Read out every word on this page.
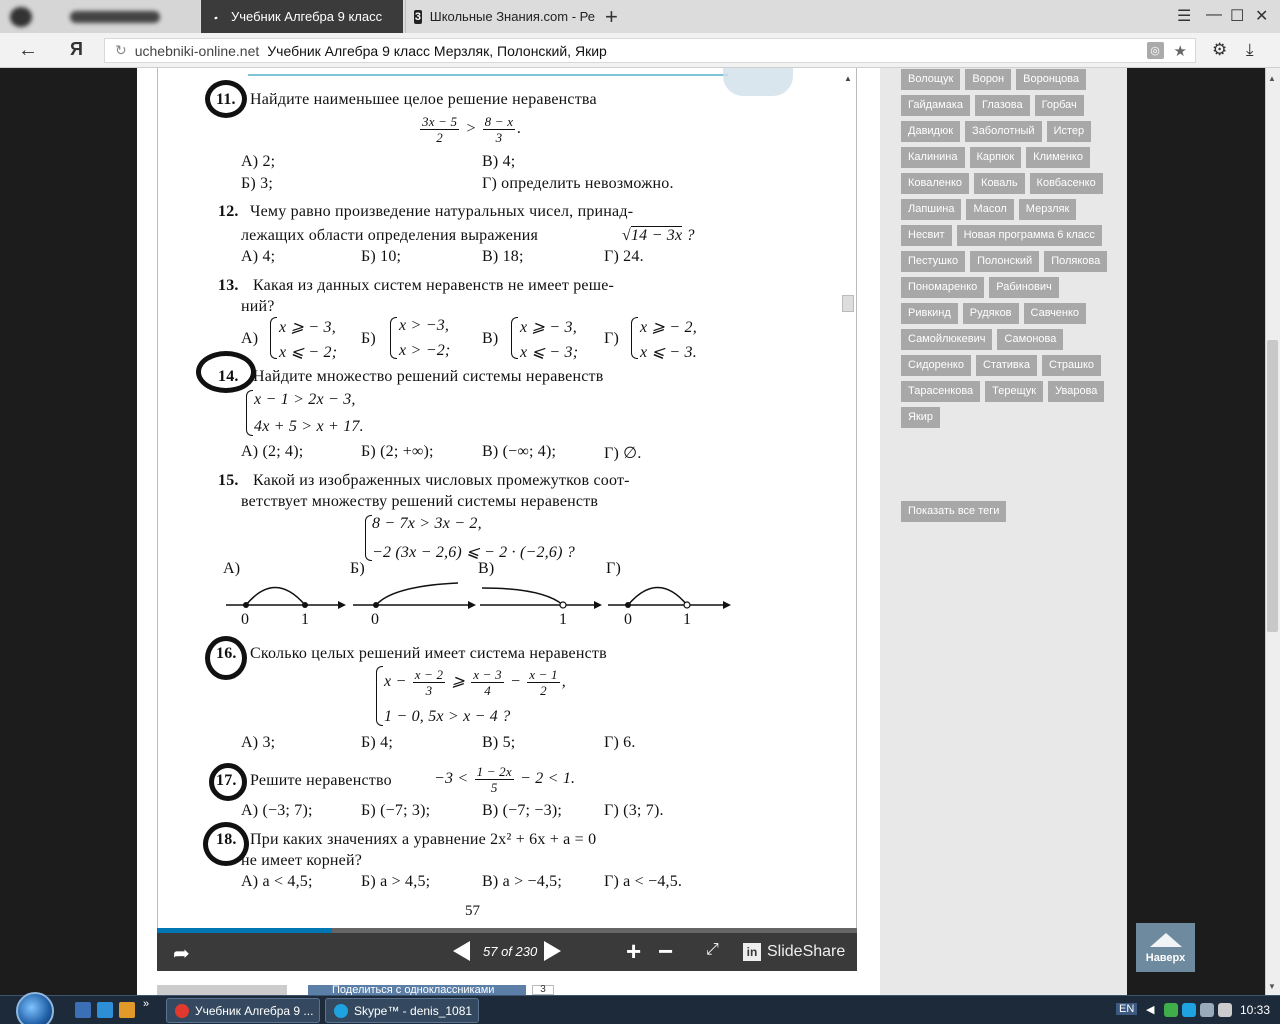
𝅘	Учебник Алгебра 9 класс	3 Школьные Знания.com - Ре +	☰ — ☐ ✕
← Я ↻ uchebniki-online.net Учебник Алгебра 9 класс Мерзляк, Полонский, Якир	◎ ★ ⚙ ⤓
▲
▼
Волощук	Ворон	Воронцова
Гайдамака	Глазова	Горбач
Давидюк	Заболотный	Истер
Калинина	Карпюк	Клименко
Коваленко	Коваль	Ковбасенко
Лапшина	Масол	Мерзляк
Несвит	Новая программа 6 класс
Пестушко	Полонский	Полякова
Пономаренко	Рабинович
Ривкинд	Рудяков	Савченко
Самойлюкевич	Самонова
Сидоренко	Стативка	Страшко
Тарасенкова	Терещук	Уварова
Якир
Показать все теги
Наверх
11. Найдите наименьшее целое решение неравенства
$\frac{3x - 5}{2} > \frac{8 - x}{3}$ .
А) 2;	В) 4;
Б) 3;	Г) определить невозможно.
12. Чему равно произведение натуральных чисел, принад-
лежащих области определения выражения	√14 − 3x ?
А) 4;	Б) 10;	В) 18;	Г) 24.
13. Какая из данных систем неравенств не имеет реше-
ний?
А)
x ⩾ − 3,
x ⩽ − 2;
Б)
x > −3,
x > −2;
В)
x ⩾ − 3,
x ⩽ − 3;
Г)
x ⩾ − 2,
x ⩽ − 3.
14. Найдите множество решений системы неравенств
x − 1 > 2x − 3,
4x + 5 > x + 17.
А) (2; 4);	Б) (2; +∞);	В) (−∞; 4);	Г) ∅.
15. Какой из изображенных числовых промежутков соот-
ветствует множеству решений системы неравенств
8 − 7x > 3x − 2,
−2 (3x − 2,6) ⩽ − 2 · (−2,6) ?
А)	Б)	В)	Г)
0	1	0	1	0	1
16. Сколько целых решений имеет система неравенств
$x - \frac{x - 2}{3}$ ⩾ $\frac{x - 3}{4} - \frac{x - 1}{2}$ ,
1 − 0, 5x > x − 4 ?
А) 3;	Б) 4;	В) 5;	Г) 6.
17. Решите неравенство	$-3 < \frac{1 - 2x}{5} - 2 < 1$.
А) (−3; 7);	Б) (−7; 3);	В) (−7; −3);	Г) (3; 7).
18. При каких значениях a уравнение 2x² + 6x + a = 0
не имеет корней?
А) a < 4,5;	Б) a > 4,5;	В) a > −4,5;	Г) a < −4,5.
57
▲
➦	57 of 230	+ − ⤢	in SlideShare
Поделиться с одноклассниками	3
»	Учебник Алгебра 9 ...	Skype™ - denis_1081	EN ◀	10:33
